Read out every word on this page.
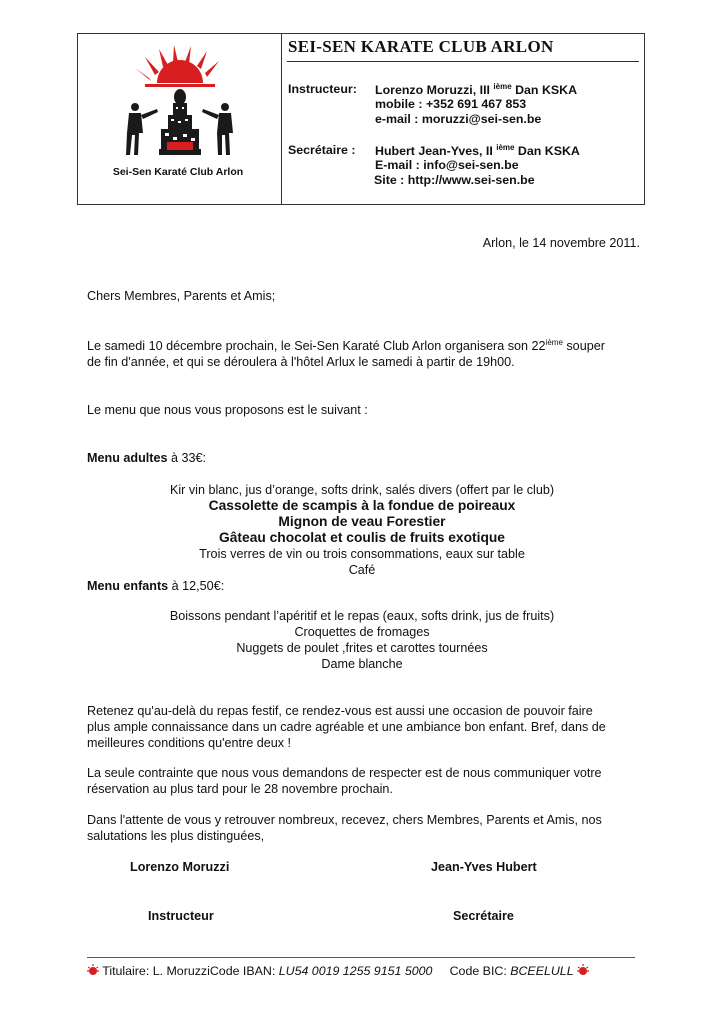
Sei-Sen Karaté Club Arlon
SEI-SEN KARATE CLUB ARLON
Instructeur: Lorenzo Moruzzi, III $^{ième}$ Dan KSKA
mobile : +352 691 467 853
e-mail : moruzzi@sei-sen.be
Secrétaire : Hubert Jean-Yves, II $^{ième}$ Dan KSKA
E-mail : info@sei-sen.be
Site : http://www.sei-sen.be
Arlon, le 14 novembre 2011.
Chers Membres, Parents et Amis;
Le samedi 10 décembre prochain, le Sei-Sen Karaté Club Arlon organisera son 22ième souper
de fin d'année, et qui se déroulera à l'hôtel Arlux le samedi à partir de 19h00.
Le menu que nous vous proposons est le suivant :
Menu adultes à 33€:
Kir vin blanc, jus d’orange, softs drink, salés divers (offert par le club)
Cassolette de scampis à la fondue de poireaux
Mignon de veau Forestier
Gâteau chocolat et coulis de fruits exotique
Trois verres de vin ou trois consommations, eaux sur table
Café
Menu enfants à 12,50€:
Boissons pendant l’apéritif et le repas (eaux, softs drink, jus de fruits)
Croquettes de fromages
Nuggets de poulet ,frites et carottes tournées
Dame blanche
Retenez qu'au-delà du repas festif, ce rendez-vous est aussi une occasion de pouvoir faire
plus ample connaissance dans un cadre agréable et une ambiance bon enfant. Bref, dans de
meilleures conditions qu'entre deux !
La seule contrainte que nous vous demandons de respecter est de nous communiquer votre
réservation au plus tard pour le 28 novembre prochain.
Dans l'attente de vous y retrouver nombreux, recevez, chers Membres, Parents et Amis, nos
salutations les plus distinguées,
Lorenzo Moruzzi	Jean-Yves Hubert
Instructeur	Secrétaire
Titulaire: L. MoruzziCode IBAN: LU54 0019 1255 9151 5000 Code BIC: BCEELULL
